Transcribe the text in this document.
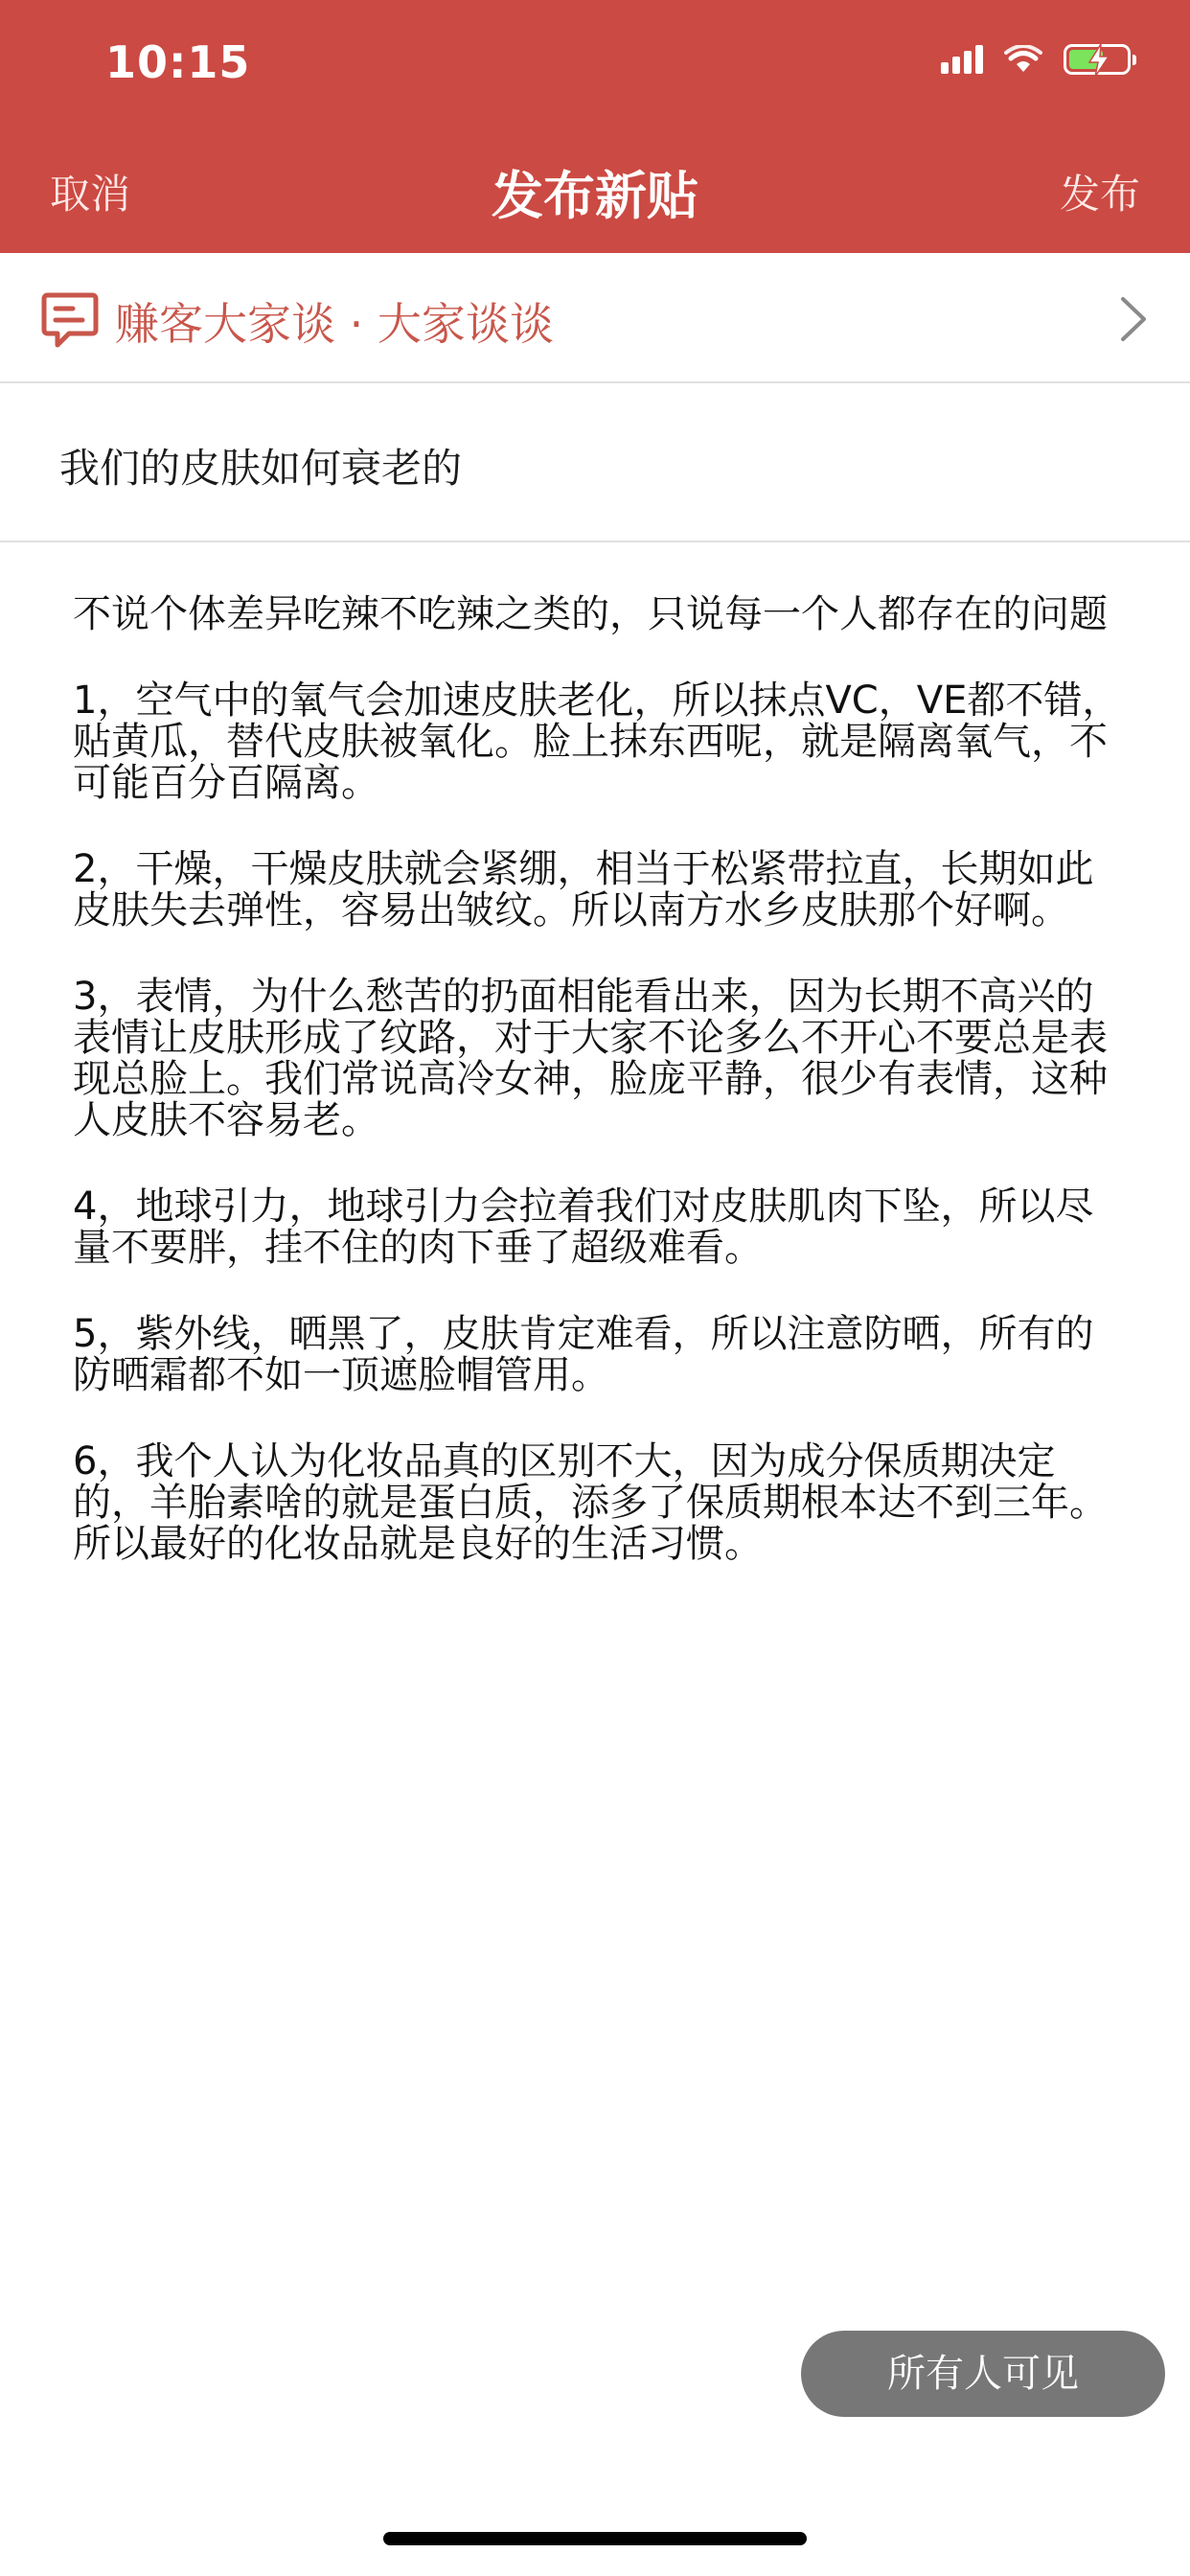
10:15
取消	发布新贴	发布
赚客大家谈 · 大家谈谈
我们的皮肤如何衰老的

不说个体差异吃辣不吃辣之类的，只说每一个人都存在的问题

1，空气中的氧气会加速皮肤老化，所以抹点VC，VE都不错，贴黄瓜，替代皮肤被氧化。脸上抹东西呢，就是隔离氧气，不可能百分百隔离。

2，干燥，干燥皮肤就会紧绷，相当于松紧带拉直，长期如此皮肤失去弹性，容易出皱纹。所以南方水乡皮肤那个好啊。

3，表情，为什么愁苦的扔面相能看出来，因为长期不高兴的表情让皮肤形成了纹路，对于大家不论多么不开心不要总是表现总脸上。我们常说高冷女神，脸庞平静，很少有表情，这种人皮肤不容易老。

4，地球引力，地球引力会拉着我们对皮肤肌肉下坠，所以尽量不要胖，挂不住的肉下垂了超级难看。

5，紫外线，晒黑了，皮肤肯定难看，所以注意防晒，所有的防晒霜都不如一顶遮脸帽管用。

6，我个人认为化妆品真的区别不大，因为成分保质期决定的，羊胎素啥的就是蛋白质，添多了保质期根本达不到三年。所以最好的化妆品就是良好的生活习惯。

所有人可见
